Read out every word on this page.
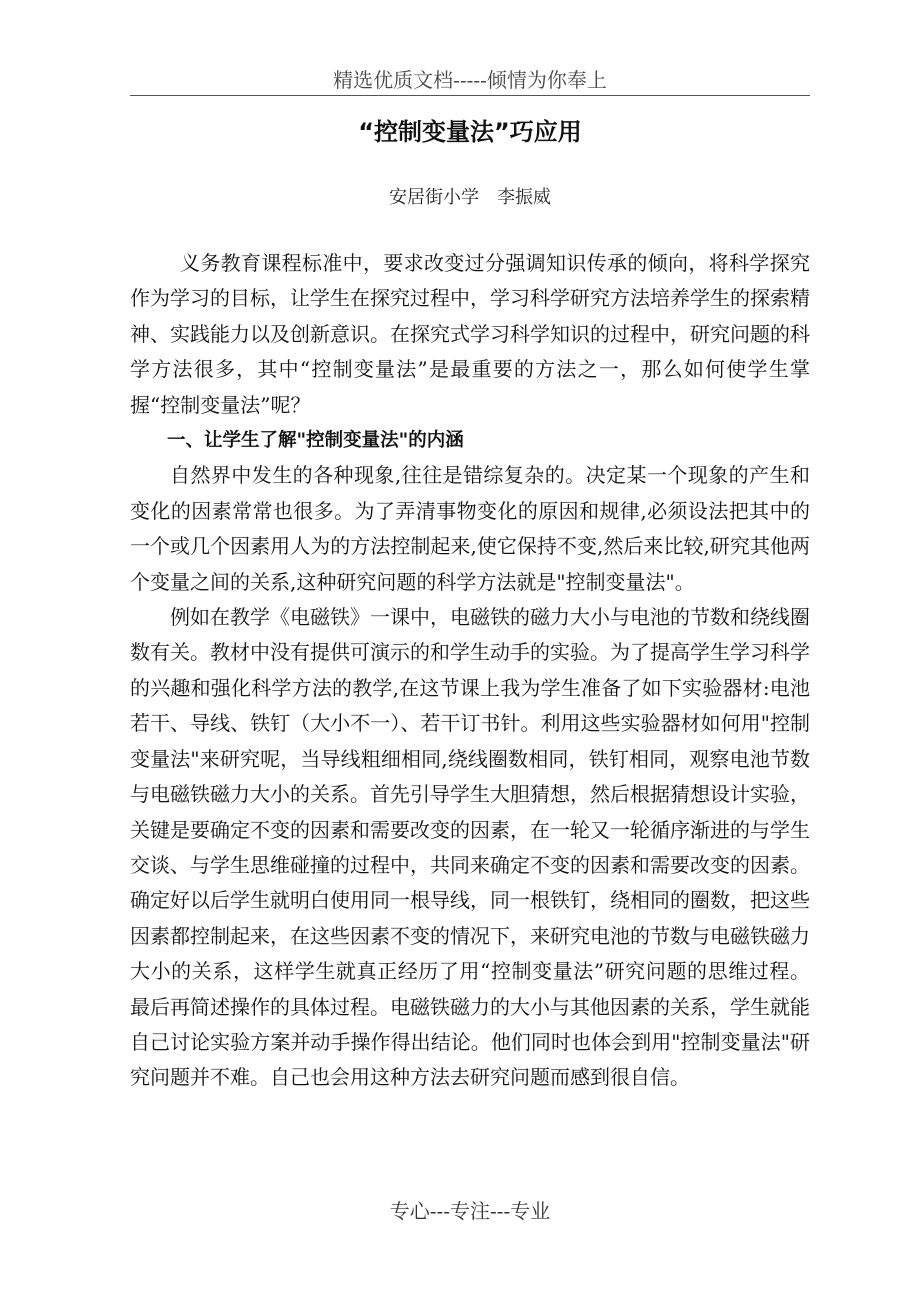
精选优质文档-----倾情为你奉上
“控制变量法”巧应用
安居街小学　李振威

义务教育课程标准中，要求改变过分强调知识传承的倾向，将科学探究作为学习的目标，让学生在探究过程中，学习科学研究方法培养学生的探索精神、实践能力以及创新意识。在探究式学习科学知识的过程中，研究问题的科学方法很多，其中“控制变量法”是最重要的方法之一，那么如何使学生掌握“控制变量法”呢？

一、让学生了解"控制变量法"的内涵

自然界中发生的各种现象,往往是错综复杂的。决定某一个现象的产生和变化的因素常常也很多。为了弄清事物变化的原因和规律,必须设法把其中的一个或几个因素用人为的方法控制起来,使它保持不变,然后来比较,研究其他两个变量之间的关系,这种研究问题的科学方法就是"控制变量法"。

例如在教学《电磁铁》一课中，电磁铁的磁力大小与电池的节数和绕线圈数有关。教材中没有提供可演示的和学生动手的实验。为了提高学生学习科学的兴趣和强化科学方法的教学,在这节课上我为学生准备了如下实验器材:电池若干、导线、铁钉（大小不一）、若干订书针。利用这些实验器材如何用"控制变量法"来研究呢，当导线粗细相同,绕线圈数相同，铁钉相同，观察电池节数与电磁铁磁力大小的关系。首先引导学生大胆猜想，然后根据猜想设计实验，关键是要确定不变的因素和需要改变的因素，在一轮又一轮循序渐进的与学生交谈、与学生思维碰撞的过程中，共同来确定不变的因素和需要改变的因素。确定好以后学生就明白使用同一根导线，同一根铁钉，绕相同的圈数，把这些因素都控制起来，在这些因素不变的情况下，来研究电池的节数与电磁铁磁力大小的关系，这样学生就真正经历了用“控制变量法”研究问题的思维过程。最后再简述操作的具体过程。电磁铁磁力的大小与其他因素的关系，学生就能自己讨论实验方案并动手操作得出结论。他们同时也体会到用"控制变量法"研究问题并不难。自己也会用这种方法去研究问题而感到很自信。

专心---专注---专业
